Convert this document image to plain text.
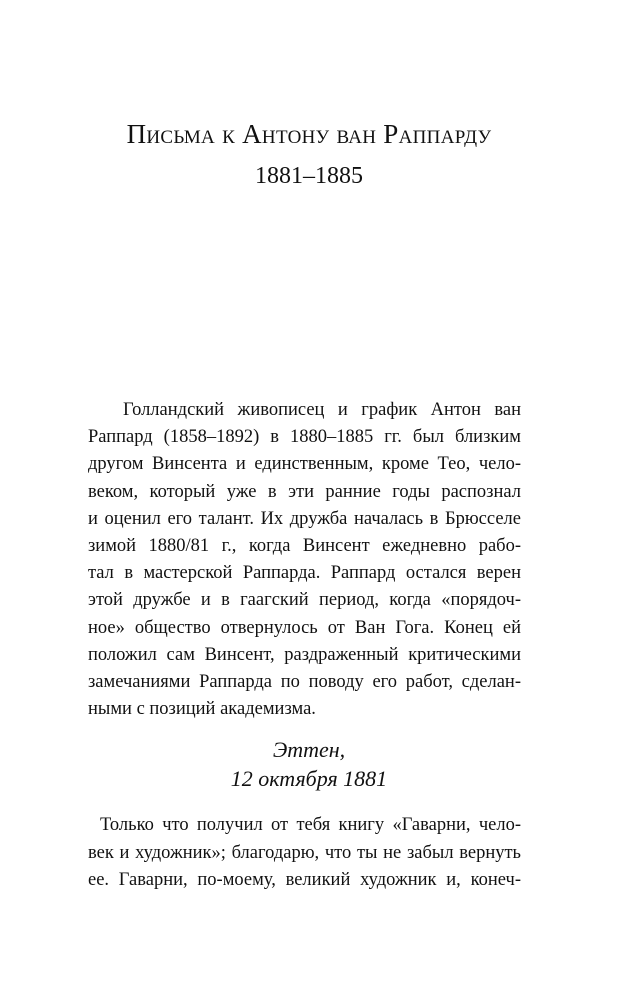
Письма к Антону ван Раппарду
1881–1885
Голландский живописец и график Антон ван
Раппард (1858–1892) в 1880–1885 гг. был близким
другом Винсента и единственным, кроме Тео, чело-
веком, который уже в эти ранние годы распознал
и оценил его талант. Их дружба началась в Брюсселе
зимой 1880/81 г., когда Винсент ежедневно рабо-
тал в мастерской Раппарда. Раппард остался верен
этой дружбе и в гаагский период, когда «порядоч-
ное» общество отвернулось от Ван Гога. Конец ей
положил сам Винсент, раздраженный критическими
замечаниями Раппарда по поводу его работ, сделан-
ными с позиций академизма.
Эттен,
12 октября 1881
Только что получил от тебя книгу «Гаварни, чело-
век и художник»; благодарю, что ты не забыл вернуть
ее. Гаварни, по-моему, великий художник и, конеч-
